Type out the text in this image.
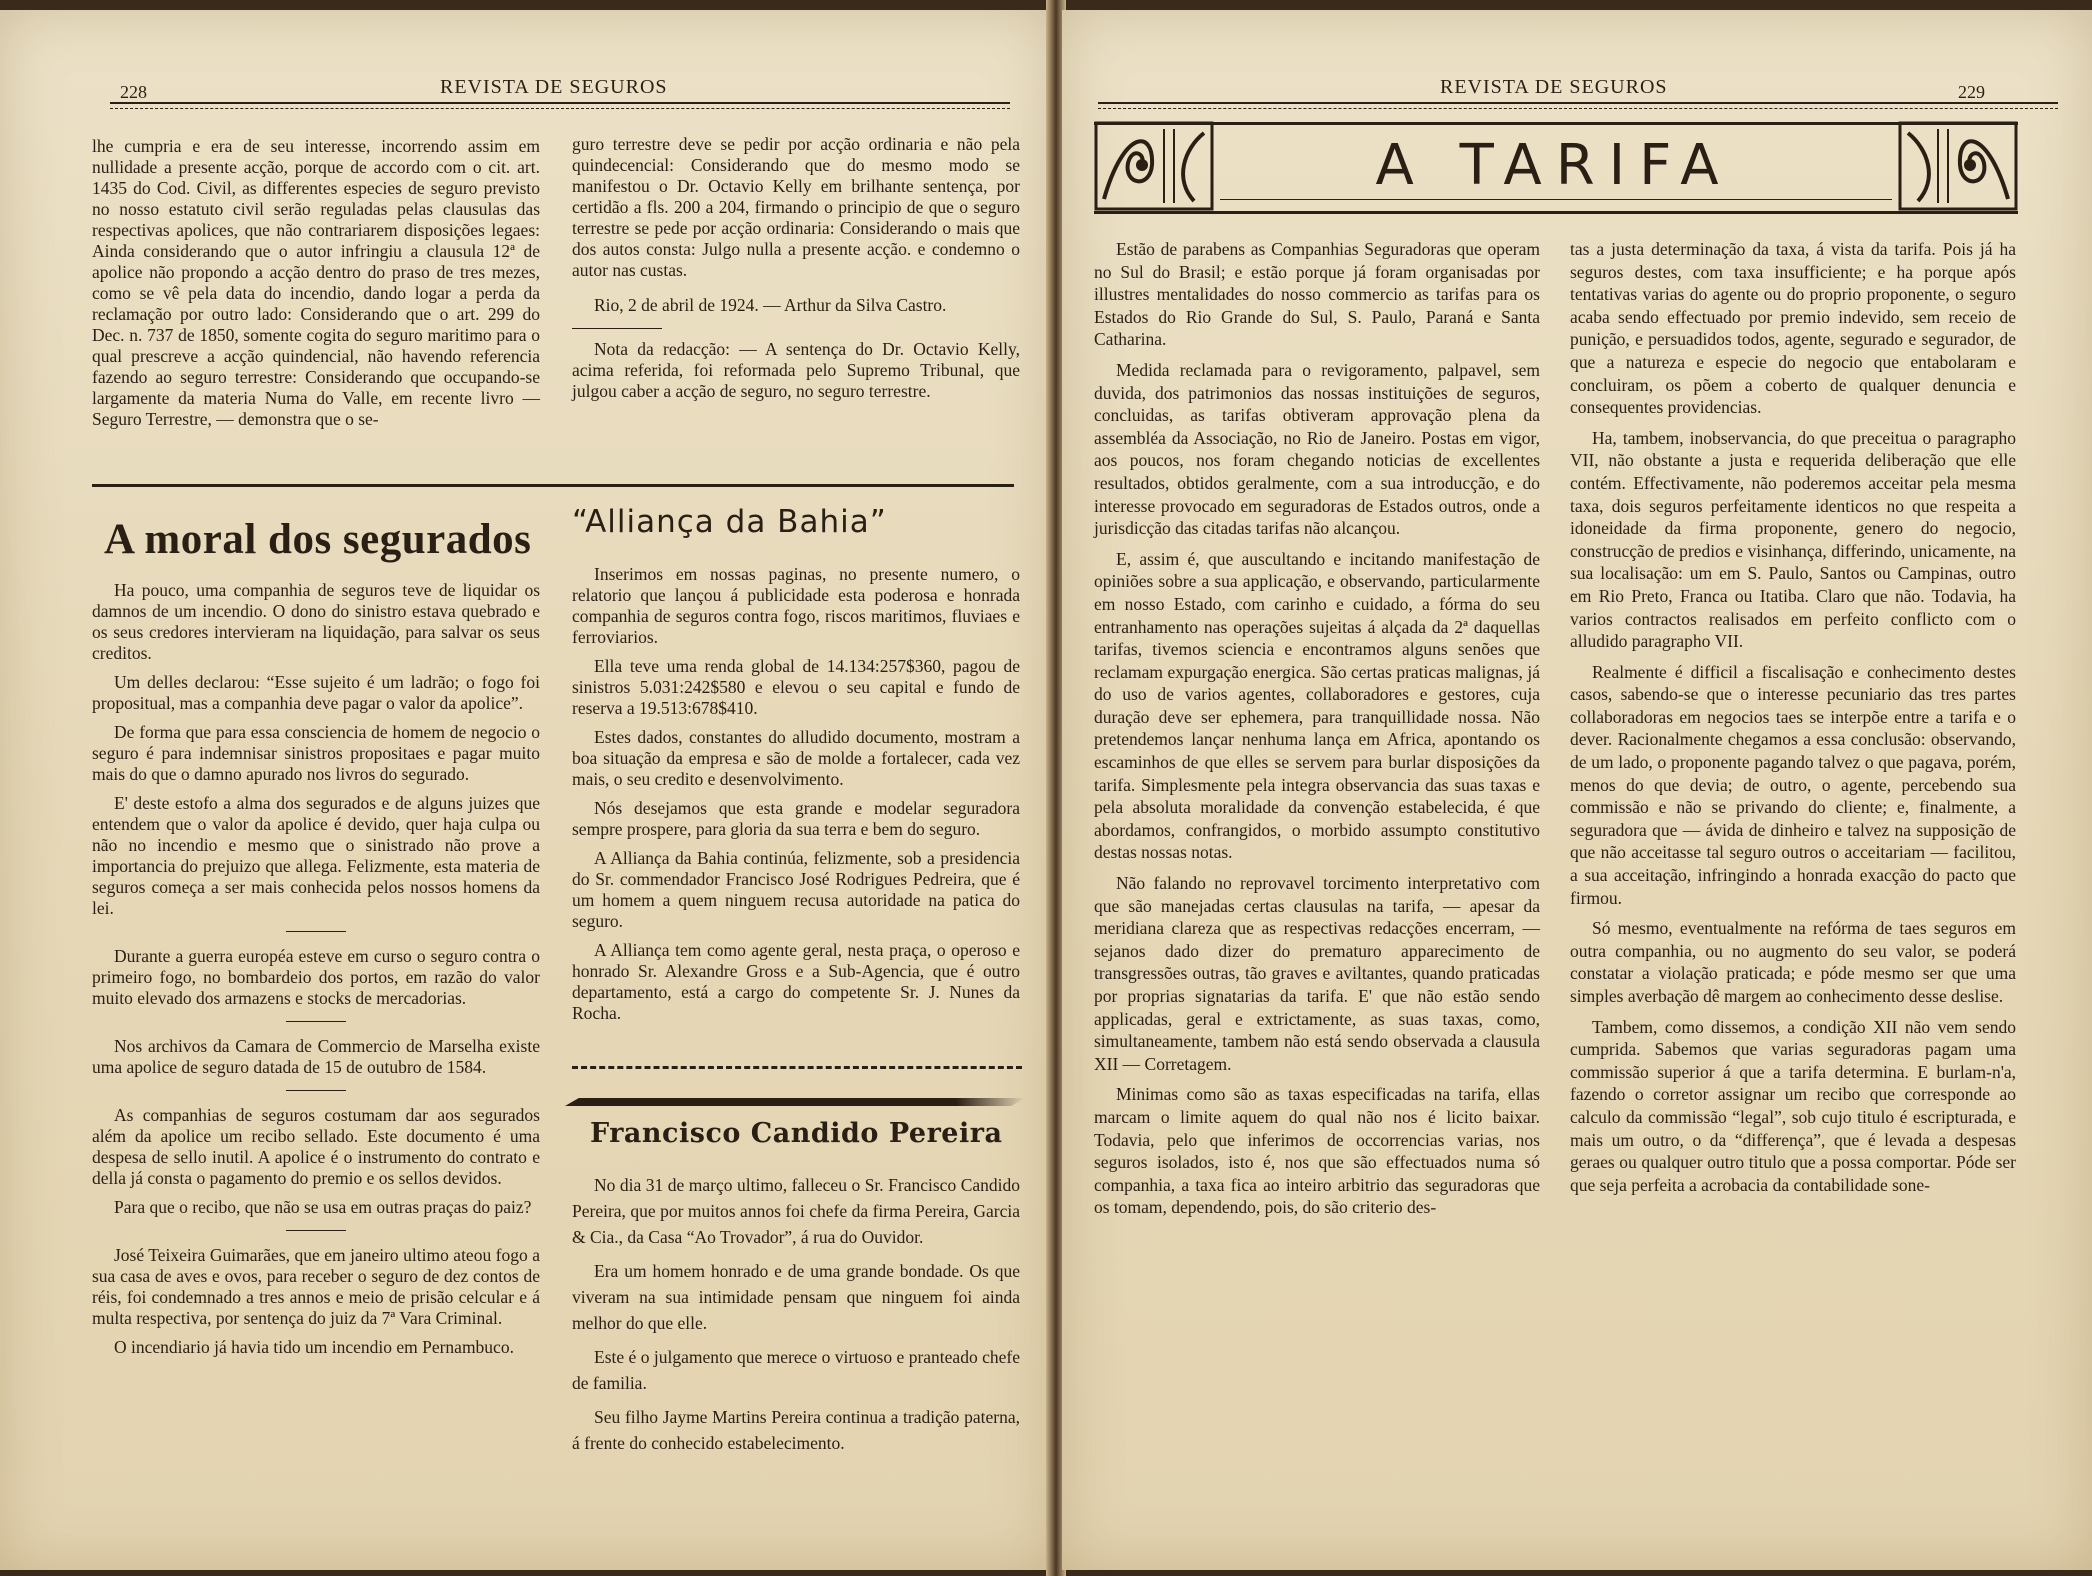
228	REVISTA DE SEGUROS

lhe cumpria e era de seu interesse, incorrendo assim em nullidade a presente acção, porque de accordo com o cit. art. 1435 do Cod. Civil, as differentes especies de seguro previsto no nosso estatuto civil serão reguladas pelas clausulas das respectivas apolices, que não contrariarem disposições legaes: Ainda considerando que o autor infringiu a clausula 12ª de apolice não propondo a acção dentro do praso de tres mezes, como se vê pela data do incendio, dando logar a perda da reclamação por outro lado: Considerando que o art. 299 do Dec. n. 737 de 1850, somente cogita do seguro maritimo para o qual prescreve a acção quindencial, não havendo referencia fazendo ao seguro terrestre: Considerando que occupando-se largamente da materia Numa do Valle, em recente livro — Seguro Terrestre, — demonstra que o se-

guro terrestre deve se pedir por acção ordinaria e não pela quindecencial: Considerando que do mesmo modo se manifestou o Dr. Octavio Kelly em brilhante sentença, por certidão a fls. 200 a 204, firmando o principio de que o seguro terrestre se pede por acção ordinaria: Considerando o mais que dos autos consta: Julgo nulla a presente acção. e condemno o autor nas custas.

Rio, 2 de abril de 1924. — Arthur da Silva Castro.

Nota da redacção: — A sentença do Dr. Octavio Kelly, acima referida, foi reformada pelo Supremo Tribunal, que julgou caber a acção de seguro, no seguro terrestre.

A moral dos segurados

Ha pouco, uma companhia de seguros teve de liquidar os damnos de um incendio. O dono do sinistro estava quebrado e os seus credores intervieram na liquidação, para salvar os seus creditos.

Um delles declarou: “Esse sujeito é um ladrão; o fogo foi propositual, mas a companhia deve pagar o valor da apolice”.

De forma que para essa consciencia de homem de negocio o seguro é para indemnisar sinistros propositaes e pagar muito mais do que o damno apurado nos livros do segurado.

E' deste estofo a alma dos segurados e de alguns juizes que entendem que o valor da apolice é devido, quer haja culpa ou não no incendio e mesmo que o sinistrado não prove a importancia do prejuizo que allega. Felizmente, esta materia de seguros começa a ser mais conhecida pelos nossos homens da lei.

Durante a guerra européa esteve em curso o seguro contra o primeiro fogo, no bombardeio dos portos, em razão do valor muito elevado dos armazens e stocks de mercadorias.

Nos archivos da Camara de Commercio de Marselha existe uma apolice de seguro datada de 15 de outubro de 1584.

As companhias de seguros costumam dar aos segurados além da apolice um recibo sellado. Este documento é uma despesa de sello inutil. A apolice é o instrumento do contrato e della já consta o pagamento do premio e os sellos devidos.

Para que o recibo, que não se usa em outras praças do paiz?

José Teixeira Guimarães, que em janeiro ultimo ateou fogo a sua casa de aves e ovos, para receber o seguro de dez contos de réis, foi condemnado a tres annos e meio de prisão celcular e á multa respectiva, por sentença do juiz da 7ª Vara Criminal.

O incendiario já havia tido um incendio em Pernambuco.

“Alliança da Bahia”

Inserimos em nossas paginas, no presente numero, o relatorio que lançou á publicidade esta poderosa e honrada companhia de seguros contra fogo, riscos maritimos, fluviaes e ferroviarios.

Ella teve uma renda global de 14.134:257$360, pagou de sinistros 5.031:242$580 e elevou o seu capital e fundo de reserva a 19.513:678$410.

Estes dados, constantes do alludido documento, mostram a boa situação da empresa e são de molde a fortalecer, cada vez mais, o seu credito e desenvolvimento.

Nós desejamos que esta grande e modelar seguradora sempre prospere, para gloria da sua terra e bem do seguro.

A Alliança da Bahia continúa, felizmente, sob a presidencia do Sr. commendador Francisco José Rodrigues Pedreira, que é um homem a quem ninguem recusa autoridade na patica do seguro.

A Alliança tem como agente geral, nesta praça, o operoso e honrado Sr. Alexandre Gross e a Sub-Agencia, que é outro departamento, está a cargo do competente Sr. J. Nunes da Rocha.

Francisco Candido Pereira

No dia 31 de março ultimo, falleceu o Sr. Francisco Candido Pereira, que por muitos annos foi chefe da firma Pereira, Garcia & Cia., da Casa “Ao Trovador”, á rua do Ouvidor.

Era um homem honrado e de uma grande bondade. Os que viveram na sua intimidade pensam que ninguem foi ainda melhor do que elle.

Este é o julgamento que merece o virtuoso e pranteado chefe de familia.

Seu filho Jayme Martins Pereira continua a tradição paterna, á frente do conhecido estabelecimento.

REVISTA DE SEGUROS	229
A TARIFA

Estão de parabens as Companhias Seguradoras que operam no Sul do Brasil; e estão porque já foram organisadas por illustres mentalidades do nosso commercio as tarifas para os Estados do Rio Grande do Sul, S. Paulo, Paraná e Santa Catharina.

Medida reclamada para o revigoramento, palpavel, sem duvida, dos patrimonios das nossas instituições de seguros, concluidas, as tarifas obtiveram approvação plena da assembléa da Associação, no Rio de Janeiro. Postas em vigor, aos poucos, nos foram chegando noticias de excellentes resultados, obtidos geralmente, com a sua introducção, e do interesse provocado em seguradoras de Estados outros, onde a jurisdicção das citadas tarifas não alcançou.

E, assim é, que auscultando e incitando manifestação de opiniões sobre a sua applicação, e observando, particularmente em nosso Estado, com carinho e cuidado, a fórma do seu entranhamento nas operações sujeitas á alçada da 2ª daquellas tarifas, tivemos sciencia e encontramos alguns senões que reclamam expurgação energica. São certas praticas malignas, já do uso de varios agentes, collaboradores e gestores, cuja duração deve ser ephemera, para tranquillidade nossa. Não pretendemos lançar nenhuma lança em Africa, apontando os escaminhos de que elles se servem para burlar disposições da tarifa. Simplesmente pela integra observancia das suas taxas e pela absoluta moralidade da convenção estabelecida, é que abordamos, confrangidos, o morbido assumpto constitutivo destas nossas notas.

Não falando no reprovavel torcimento interpretativo com que são manejadas certas clausulas na tarifa, — apesar da meridiana clareza que as respectivas redacções encerram, — sejanos dado dizer do prematuro apparecimento de transgressões outras, tão graves e aviltantes, quando praticadas por proprias signatarias da tarifa. E' que não estão sendo applicadas, geral e extrictamente, as suas taxas, como, simultaneamente, tambem não está sendo observada a clausula XII — Corretagem.

Minimas como são as taxas especificadas na tarifa, ellas marcam o limite aquem do qual não nos é licito baixar. Todavia, pelo que inferimos de occorrencias varias, nos seguros isolados, isto é, nos que são effectuados numa só companhia, a taxa fica ao inteiro arbitrio das seguradoras que os tomam, dependendo, pois, do são criterio des-

tas a justa determinação da taxa, á vista da tarifa. Pois já ha seguros destes, com taxa insufficiente; e ha porque após tentativas varias do agente ou do proprio proponente, o seguro acaba sendo effectuado por premio indevido, sem receio de punição, e persuadidos todos, agente, segurado e segurador, de que a natureza e especie do negocio que entabolaram e concluiram, os põem a coberto de qualquer denuncia e consequentes providencias.

Ha, tambem, inobservancia, do que preceitua o paragrapho VII, não obstante a justa e requerida deliberação que elle contém. Effectivamente, não poderemos acceitar pela mesma taxa, dois seguros perfeitamente identicos no que respeita a idoneidade da firma proponente, genero do negocio, construcção de predios e visinhança, differindo, unicamente, na sua localisação: um em S. Paulo, Santos ou Campinas, outro em Rio Preto, Franca ou Itatiba. Claro que não. Todavia, ha varios contractos realisados em perfeito conflicto com o alludido paragrapho VII.

Realmente é difficil a fiscalisação e conhecimento destes casos, sabendo-se que o interesse pecuniario das tres partes collaboradoras em negocios taes se interpõe entre a tarifa e o dever. Racionalmente chegamos a essa conclusão: observando, de um lado, o proponente pagando talvez o que pagava, porém, menos do que devia; de outro, o agente, percebendo sua commissão e não se privando do cliente; e, finalmente, a seguradora que — ávida de dinheiro e talvez na supposição de que não acceitasse tal seguro outros o acceitariam — facilitou, a sua acceitação, infringindo a honrada exacção do pacto que firmou.

Só mesmo, eventualmente na refórma de taes seguros em outra companhia, ou no augmento do seu valor, se poderá constatar a violação praticada; e póde mesmo ser que uma simples averbação dê margem ao conhecimento desse deslise.

Tambem, como dissemos, a condição XII não vem sendo cumprida. Sabemos que varias seguradoras pagam uma commissão superior á que a tarifa determina. E burlam-n'a, fazendo o corretor assignar um recibo que corresponde ao calculo da commissão “legal”, sob cujo titulo é escripturada, e mais um outro, o da “differença”, que é levada a despesas geraes ou qualquer outro titulo que a possa comportar. Póde ser que seja perfeita a acrobacia da contabilidade sone-
